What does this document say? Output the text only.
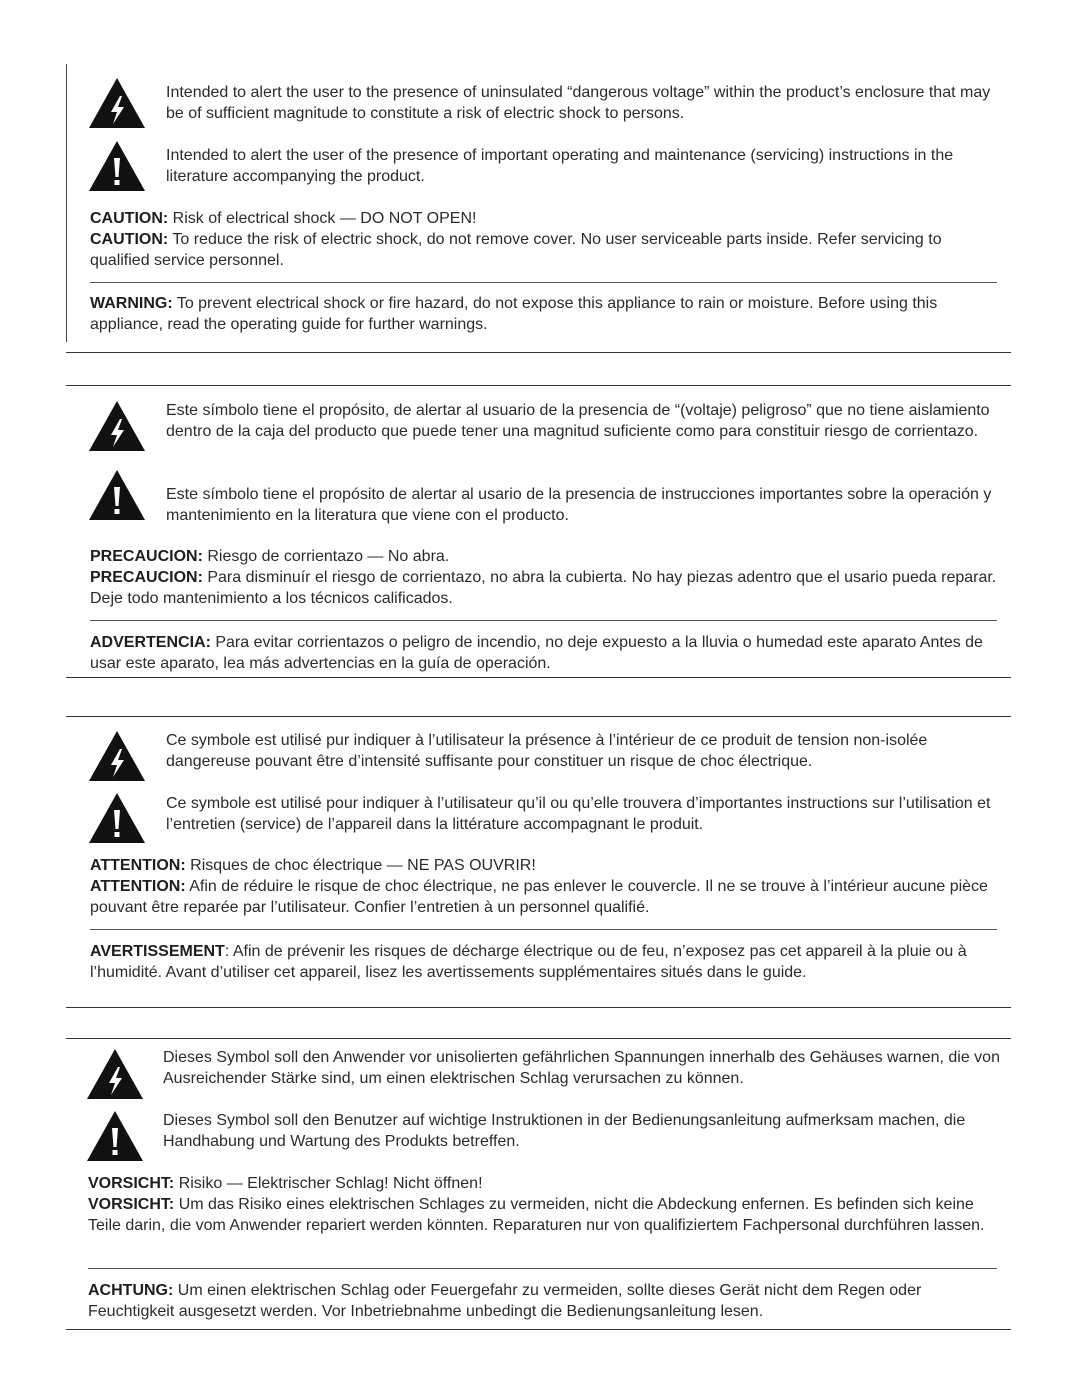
Intended to alert the user to the presence of uninsulated “dangerous voltage” within the product’s enclosure that may be of sufficient magnitude to constitute a risk of electric shock to persons.
Intended to alert the user of the presence of important operating and maintenance (servicing) instructions in the literature accompanying the product.

CAUTION: Risk of electrical shock — DO NOT OPEN!

CAUTION: To reduce the risk of electric shock, do not remove cover. No user serviceable parts inside. Refer servicing to qualified service personnel.

WARNING: To prevent electrical shock or fire hazard, do not expose this appliance to rain or moisture. Before using this appliance, read the operating guide for further warnings.

Este símbolo tiene el propósito, de alertar al usuario de la presencia de “(voltaje) peligroso” que no tiene aislamiento dentro de la caja del producto que puede tener una magnitud suficiente como para constituir riesgo de corrientazo.
Este símbolo tiene el propósito de alertar al usario de la presencia de instrucciones importantes sobre la operación y mantenimiento en la literatura que viene con el producto.

PRECAUCION: Riesgo de corrientazo — No abra.

PRECAUCION: Para disminuír el riesgo de corrientazo, no abra la cubierta. No hay piezas adentro que el usario pueda reparar. Deje todo mantenimiento a los técnicos calificados.

ADVERTENCIA: Para evitar corrientazos o peligro de incendio, no deje expuesto a la lluvia o humedad este aparato Antes de usar este aparato, lea más advertencias en la guía de operación.

Ce symbole est utilisé pur indiquer à l’utilisateur la présence à l’intérieur de ce produit de tension non-isolée dangereuse pouvant être d’intensité suffisante pour constituer un risque de choc électrique.
Ce symbole est utilisé pour indiquer à l’utilisateur qu’il ou qu’elle trouvera d’importantes instructions sur l’utilisation et l’entretien (service) de l’appareil dans la littérature accompagnant le produit.

ATTENTION: Risques de choc électrique — NE PAS OUVRIR!

ATTENTION: Afin de réduire le risque de choc électrique, ne pas enlever le couvercle. Il ne se trouve à l’intérieur aucune pièce pouvant être reparée par l’utilisateur. Confier l’entretien à un personnel qualifié.

AVERTISSEMENT: Afin de prévenir les risques de décharge électrique ou de feu, n’exposez pas cet appareil à la pluie ou à l’humidité. Avant d’utiliser cet appareil, lisez les avertissements supplémentaires situés dans le guide.

Dieses Symbol soll den Anwender vor unisolierten gefährlichen Spannungen innerhalb des Gehäuses warnen, die von Ausreichender Stärke sind, um einen elektrischen Schlag verursachen zu können.
Dieses Symbol soll den Benutzer auf wichtige Instruktionen in der Bedienungsanleitung aufmerksam machen, die Handhabung und Wartung des Produkts betreffen.

VORSICHT: Risiko — Elektrischer Schlag! Nicht öffnen!

VORSICHT: Um das Risiko eines elektrischen Schlages zu vermeiden, nicht die Abdeckung enfernen. Es befinden sich keine Teile darin, die vom Anwender repariert werden könnten. Reparaturen nur von qualifiziertem Fachpersonal durchführen lassen.

ACHTUNG: Um einen elektrischen Schlag oder Feuergefahr zu vermeiden, sollte dieses Gerät nicht dem Regen oder Feuchtigkeit ausgesetzt werden. Vor Inbetriebnahme unbedingt die Bedienungsanleitung lesen.
